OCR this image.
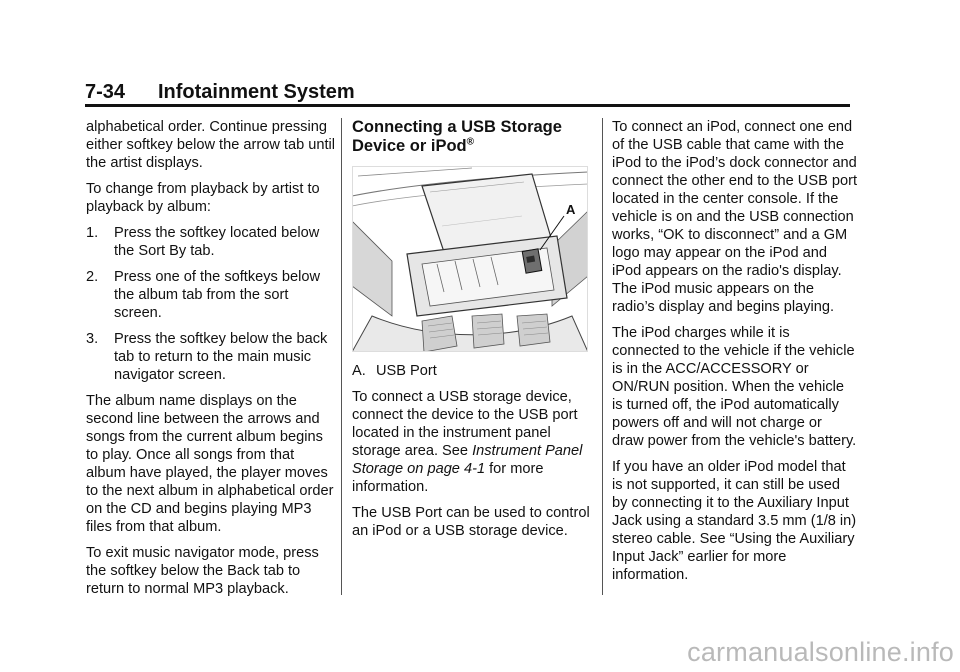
7-34 Infotainment System

alphabetical order. Continue pressing either softkey below the arrow tab until the artist displays.

To change from playback by artist to playback by album:

1. Press the softkey located below the Sort By tab.
2. Press one of the softkeys below the album tab from the sort screen.
3. Press the softkey below the back tab to return to the main music navigator screen.

The album name displays on the second line between the arrows and songs from the current album begins to play. Once all songs from that album have played, the player moves to the next album in alphabetical order on the CD and begins playing MP3 files from that album.

To exit music navigator mode, press the softkey below the Back tab to return to normal MP3 playback.

Connecting a USB Storage Device or iPod®
A

A. USB Port

To connect a USB storage device, connect the device to the USB port located in the instrument panel storage area. See Instrument Panel Storage on page 4-1 for more information.

The USB Port can be used to control an iPod or a USB storage device.

To connect an iPod, connect one end of the USB cable that came with the iPod to the iPod’s dock connector and connect the other end to the USB port located in the center console. If the vehicle is on and the USB connection works, “OK to disconnect” and a GM logo may appear on the iPod and iPod appears on the radio's display. The iPod music appears on the radio’s display and begins playing.

The iPod charges while it is connected to the vehicle if the vehicle is in the ACC/ACCESSORY or ON/RUN position. When the vehicle is turned off, the iPod automatically powers off and will not charge or draw power from the vehicle's battery.

If you have an older iPod model that is not supported, it can still be used by connecting it to the Auxiliary Input Jack using a standard 3.5 mm (1/8 in) stereo cable. See “Using the Auxiliary Input Jack” earlier for more information.

carmanualsonline.info
